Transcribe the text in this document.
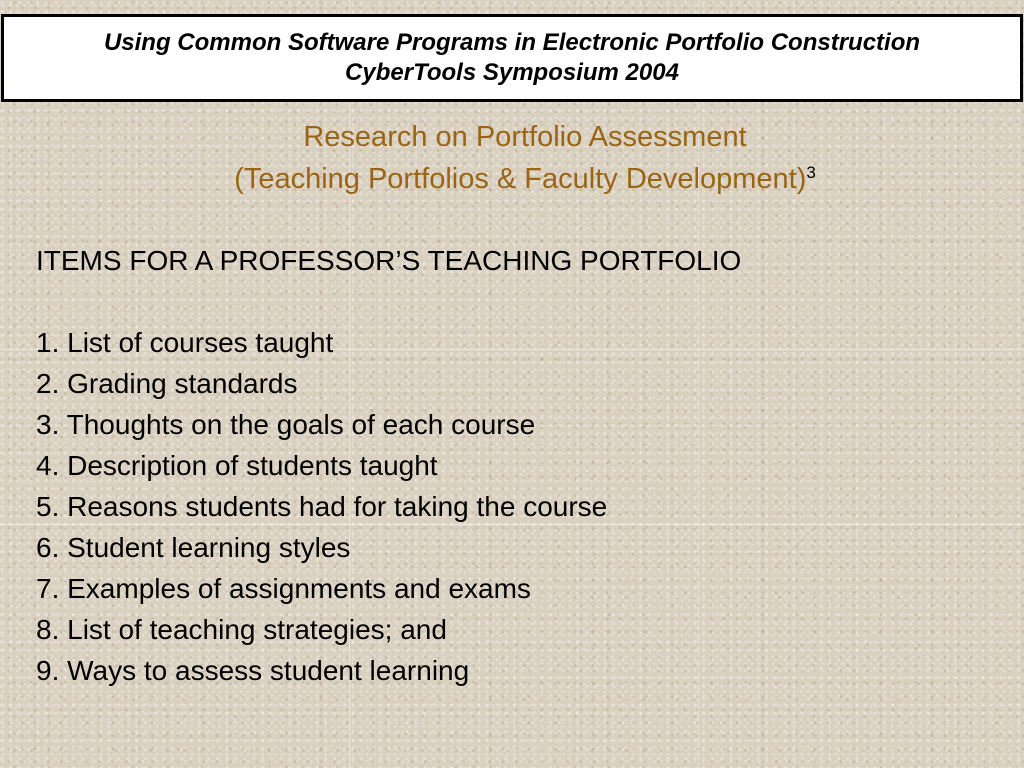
Using Common Software Programs in Electronic Portfolio Construction
CyberTools Symposium 2004
Research on Portfolio Assessment
(Teaching Portfolios & Faculty Development)$^3$
ITEMS FOR A PROFESSOR’S TEACHING PORTFOLIO
1. List of courses taught
2. Grading standards
3. Thoughts on the goals of each course
4. Description of students taught
5. Reasons students had for taking the course
6. Student learning styles
7. Examples of assignments and exams
8. List of teaching strategies; and
9. Ways to assess student learning
